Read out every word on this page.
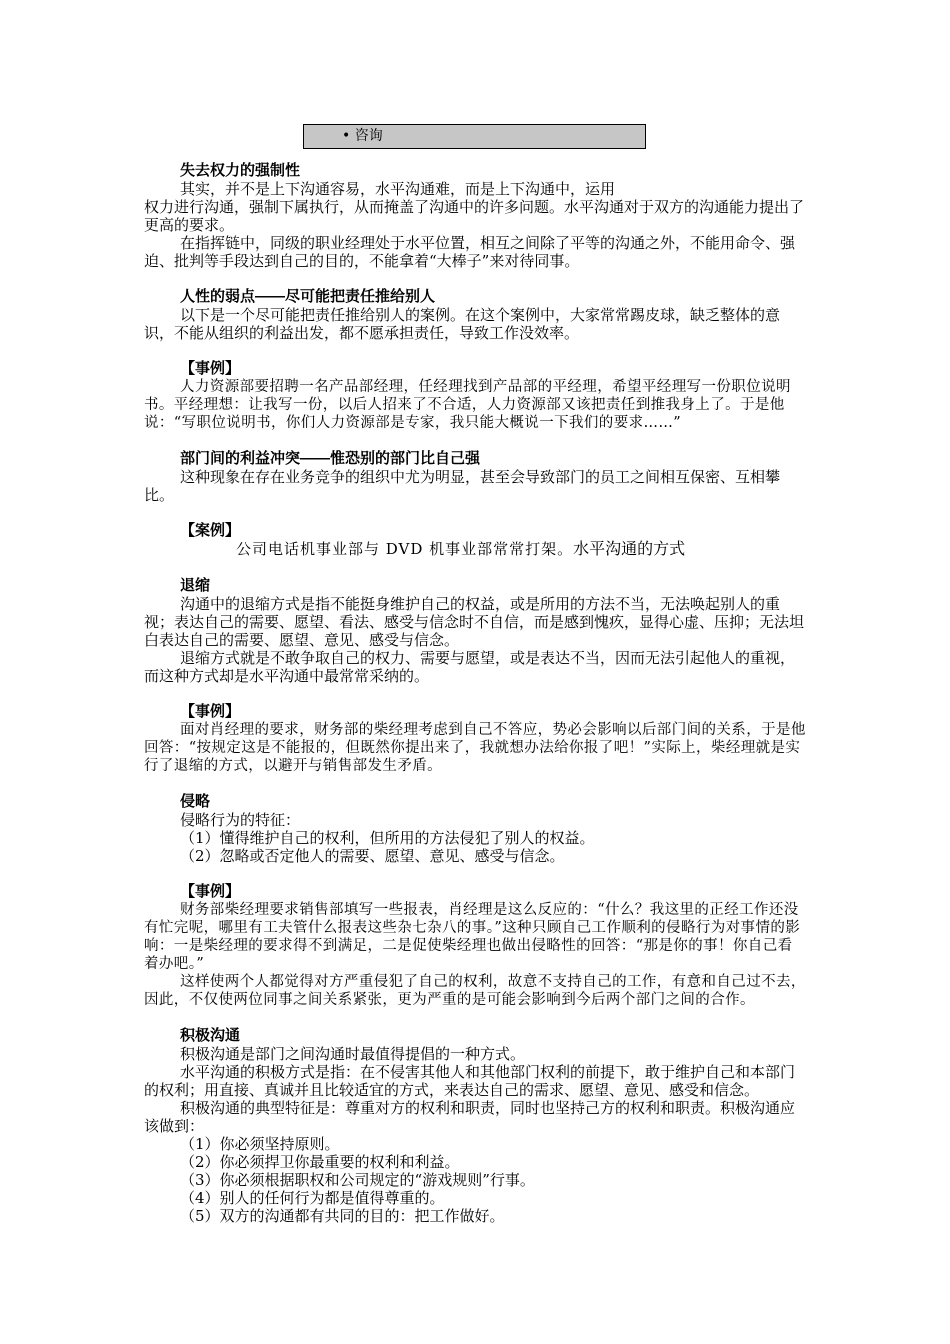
• 咨询
失去权力的强制性

其实，并不是上下沟通容易，水平沟通难，而是上下沟通中，运用

权力进行沟通，强制下属执行，从而掩盖了沟通中的许多问题。水平沟通对于双方的沟通能力提出了更高的要求。

在指挥链中，同级的职业经理处于水平位置，相互之间除了平等的沟通之外，不能用命令、强迫、批判等手段达到自己的目的，不能拿着“大棒子”来对待同事。

人性的弱点——尽可能把责任推给别人

以下是一个尽可能把责任推给别人的案例。在这个案例中，大家常常踢皮球，缺乏整体的意识，不能从组织的利益出发，都不愿承担责任，导致工作没效率。

【事例】

人力资源部要招聘一名产品部经理，任经理找到产品部的平经理，希望平经理写一份职位说明书。平经理想：让我写一份，以后人招来了不合适，人力资源部又该把责任到推我身上了。于是他说：“写职位说明书，你们人力资源部是专家，我只能大概说一下我们的要求……”

部门间的利益冲突——惟恐别的部门比自己强

这种现象在存在业务竞争的组织中尤为明显，甚至会导致部门的员工之间相互保密、互相攀比。

【案例】
公司电话机事业部与 DVD 机事业部常常打架。水平沟通的方式
退缩

沟通中的退缩方式是指不能挺身维护自己的权益，或是所用的方法不当，无法唤起别人的重视；表达自己的需要、愿望、看法、感受与信念时不自信，而是感到愧疚，显得心虚、压抑；无法坦白表达自己的需要、愿望、意见、感受与信念。

退缩方式就是不敢争取自己的权力、需要与愿望，或是表达不当，因而无法引起他人的重视，而这种方式却是水平沟通中最常常采纳的。

【事例】

面对肖经理的要求，财务部的柴经理考虑到自己不答应，势必会影响以后部门间的关系，于是他回答：“按规定这是不能报的，但既然你提出来了，我就想办法给你报了吧！”实际上，柴经理就是实行了退缩的方式，以避开与销售部发生矛盾。

侵略

侵略行为的特征：

（1）懂得维护自己的权利，但所用的方法侵犯了别人的权益。

（2）忽略或否定他人的需要、愿望、意见、感受与信念。

【事例】

财务部柴经理要求销售部填写一些报表，肖经理是这么反应的：“什么？我这里的正经工作还没有忙完呢，哪里有工夫管什么报表这些杂七杂八的事。”这种只顾自己工作顺利的侵略行为对事情的影响：一是柴经理的要求得不到满足，二是促使柴经理也做出侵略性的回答：“那是你的事！你自己看着办吧。”

这样使两个人都觉得对方严重侵犯了自己的权利，故意不支持自己的工作，有意和自己过不去，因此，不仅使两位同事之间关系紧张，更为严重的是可能会影响到今后两个部门之间的合作。

积极沟通

积极沟通是部门之间沟通时最值得提倡的一种方式。

水平沟通的积极方式是指：在不侵害其他人和其他部门权利的前提下，敢于维护自己和本部门的权利；用直接、真诚并且比较适宜的方式，来表达自己的需求、愿望、意见、感受和信念。

积极沟通的典型特征是：尊重对方的权利和职责，同时也坚持己方的权利和职责。积极沟通应该做到：

（1）你必须坚持原则。

（2）你必须捍卫你最重要的权利和利益。

（3）你必须根据职权和公司规定的“游戏规则”行事。

（4）别人的任何行为都是值得尊重的。

（5）双方的沟通都有共同的目的：把工作做好。
